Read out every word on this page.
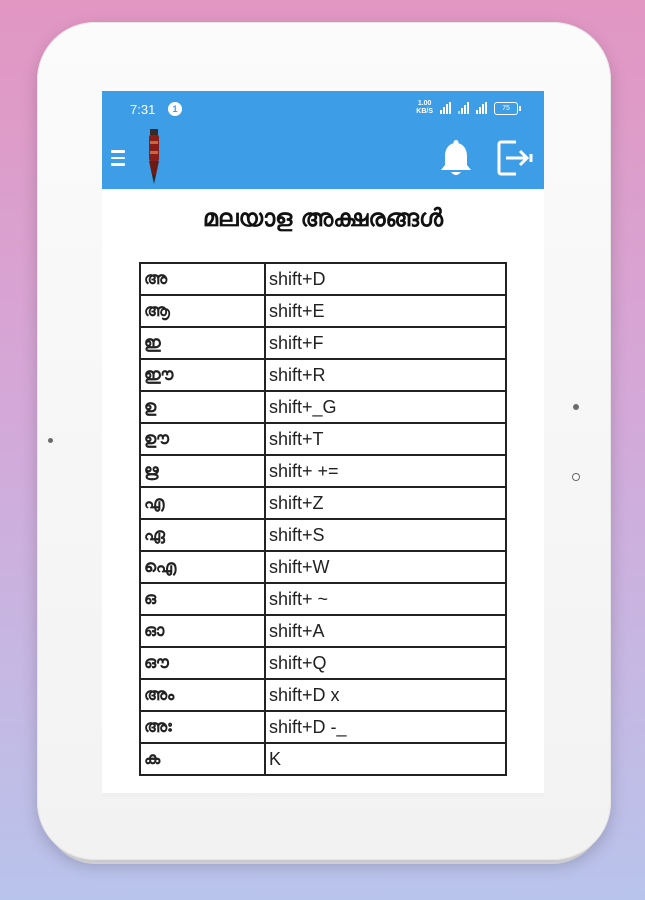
7:31	1
1.00
KB/S	75
മലയാള അക്ഷരങ്ങൾ
അ	shift+D
ആ	shift+E
ഇ	shift+F
ഈ	shift+R
ഉ	shift+_G
ഊ	shift+T
ഋ	shift+ +=
എ	shift+Z
ഏ	shift+S
ഐ	shift+W
ഒ	shift+ ~
ഓ	shift+A
ഔ	shift+Q
അം	shift+D x
അഃ	shift+D -_
ക	K
